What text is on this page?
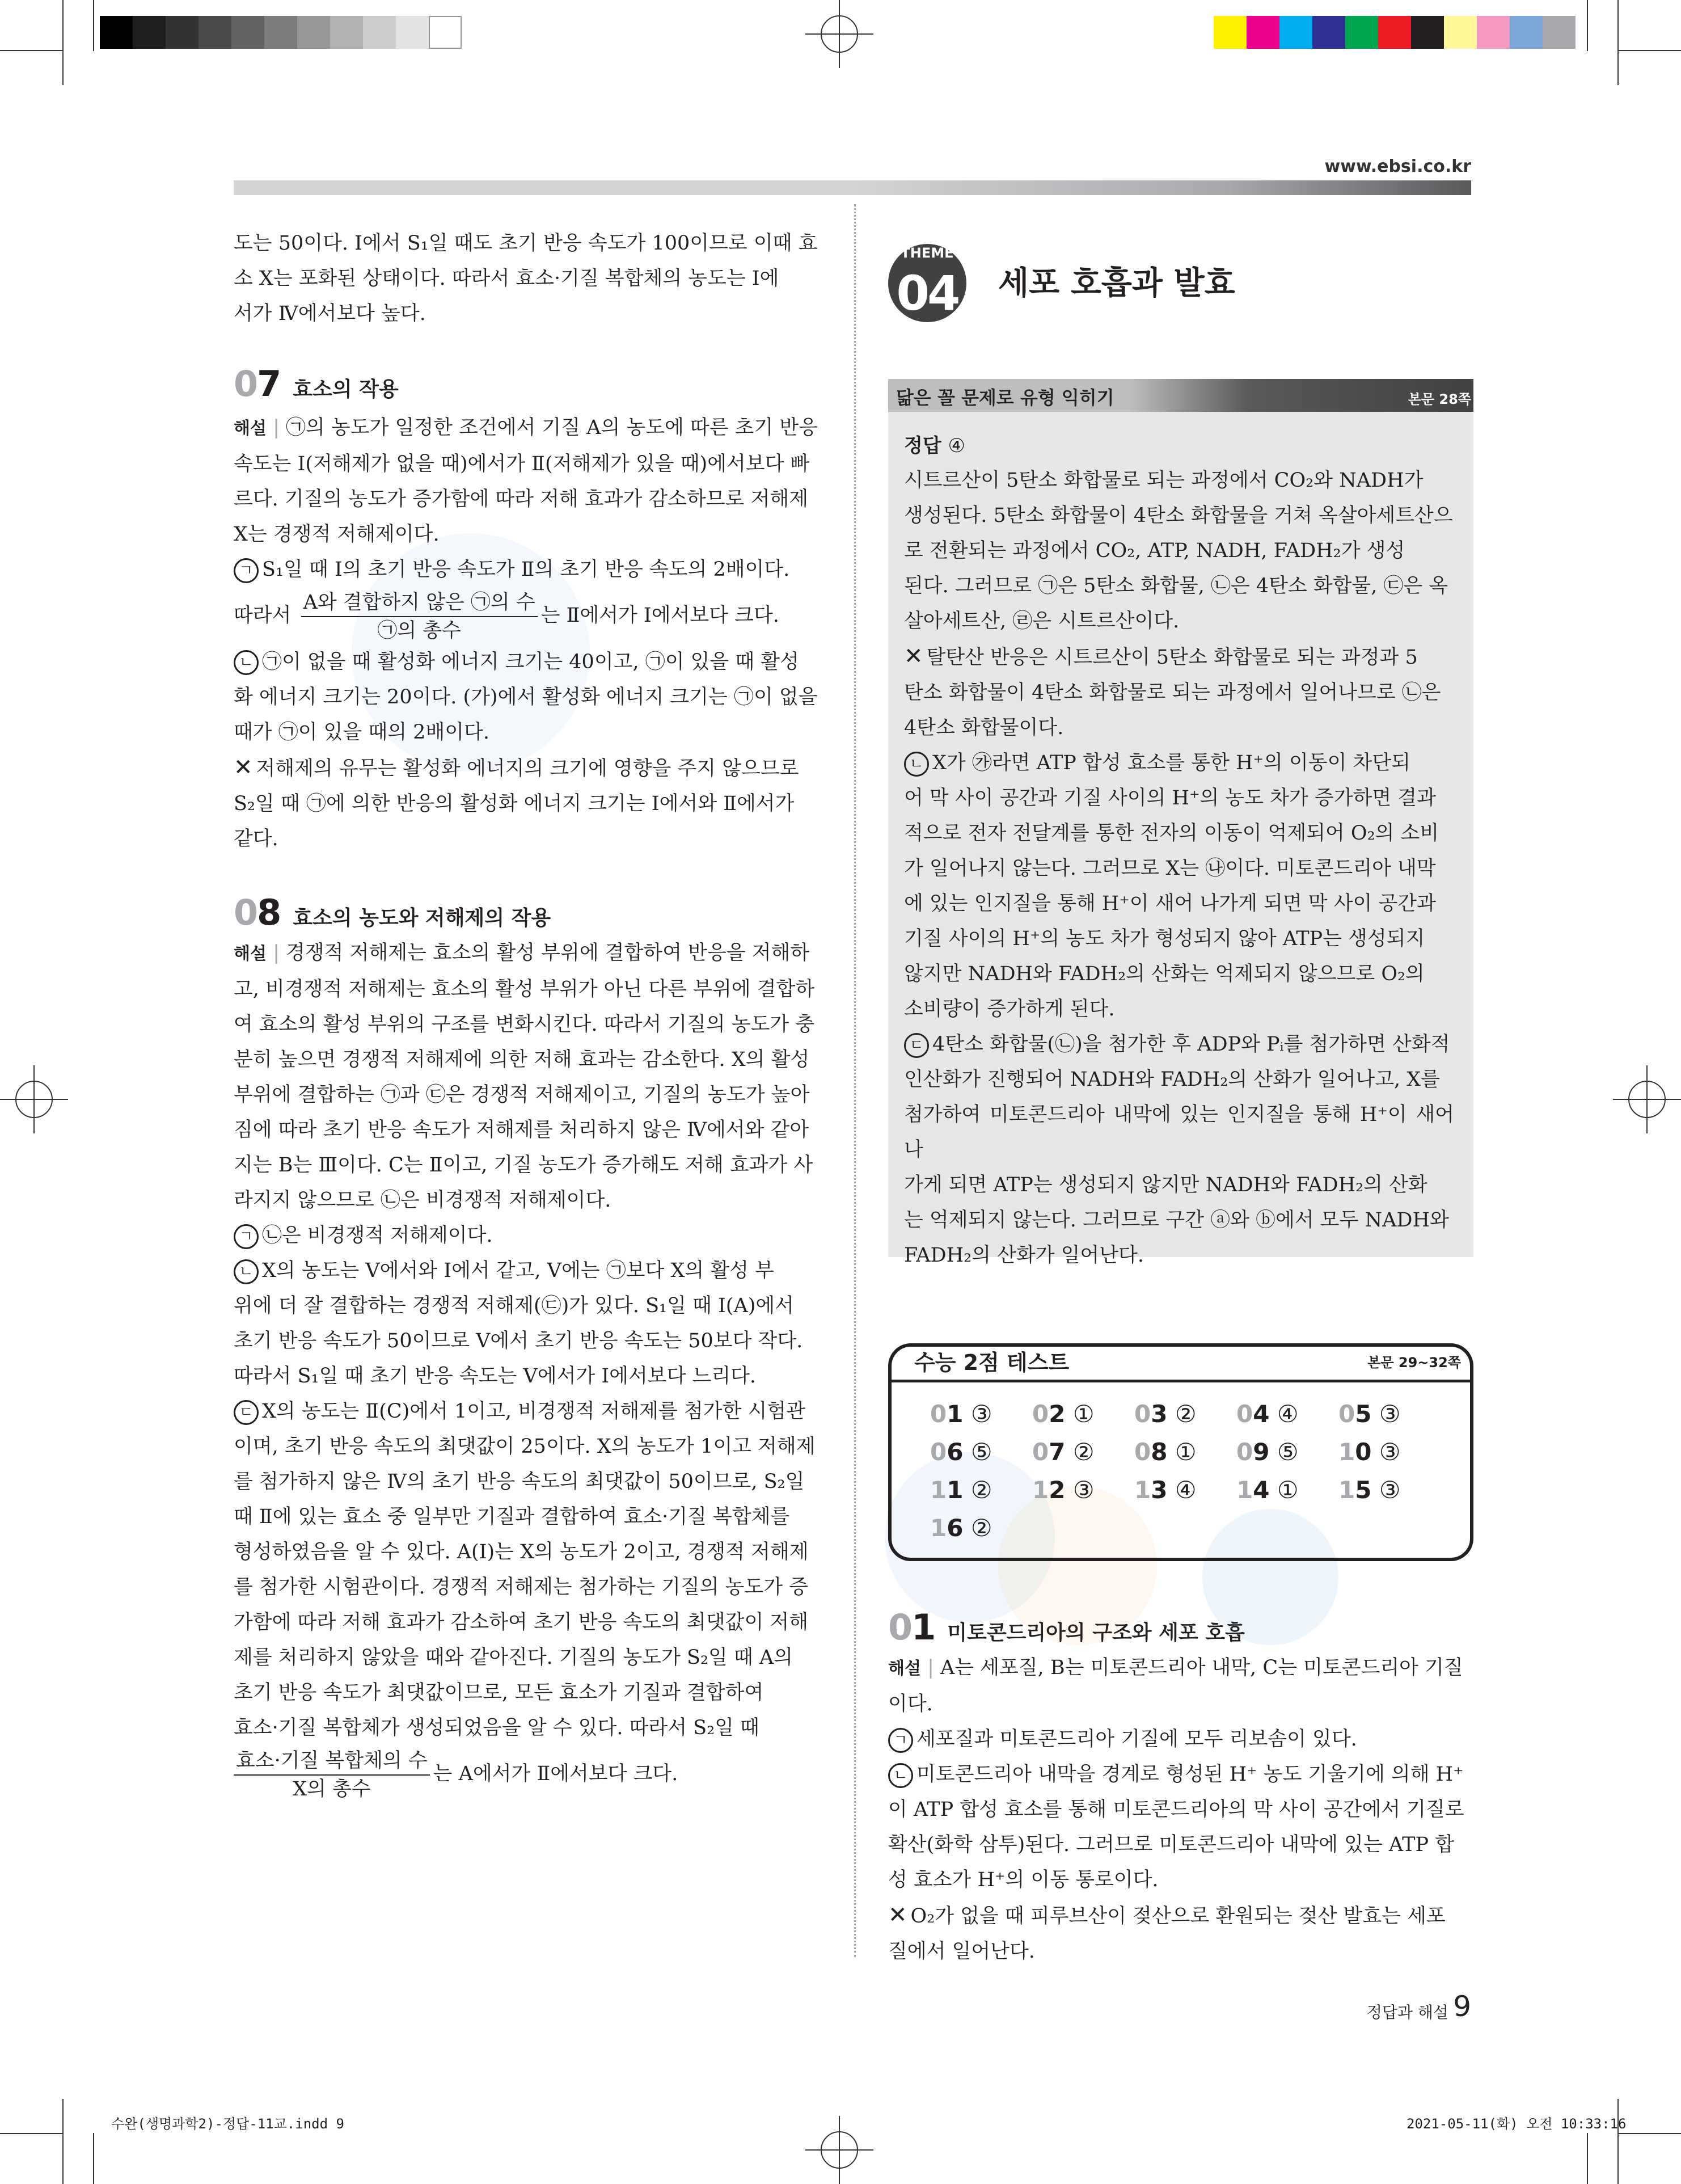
www.ebsi.co.kr

도는 50이다. Ⅰ에서 S₁일 때도 초기 반응 속도가 100이므로 이때 효

소 X는 포화된 상태이다. 따라서 효소·기질 복합체의 농도는 Ⅰ에

서가 Ⅳ에서보다 높다.

07 효소의 작용

해설 | ㉠의 농도가 일정한 조건에서 기질 A의 농도에 따른 초기 반응

속도는 Ⅰ(저해제가 없을 때)에서가 Ⅱ(저해제가 있을 때)에서보다 빠

르다. 기질의 농도가 증가함에 따라 저해 효과가 감소하므로 저해제

X는 경쟁적 저해제이다.

ㄱ S₁일 때 Ⅰ의 초기 반응 속도가 Ⅱ의 초기 반응 속도의 2배이다.

따라서 $\frac{\text{A와 결합하지 않은 ㉠의 수}}{\text{㉠의 총수}}$ 는 Ⅱ에서가 Ⅰ에서보다 크다.

ㄴ ㉠이 없을 때 활성화 에너지 크기는 40이고, ㉠이 있을 때 활성

화 에너지 크기는 20이다. (가)에서 활성화 에너지 크기는 ㉠이 없을

때가 ㉠이 있을 때의 2배이다.

✕ 저해제의 유무는 활성화 에너지의 크기에 영향을 주지 않으므로

S₂일 때 ㉠에 의한 반응의 활성화 에너지 크기는 Ⅰ에서와 Ⅱ에서가

같다.

08 효소의 농도와 저해제의 작용

해설 | 경쟁적 저해제는 효소의 활성 부위에 결합하여 반응을 저해하

고, 비경쟁적 저해제는 효소의 활성 부위가 아닌 다른 부위에 결합하

여 효소의 활성 부위의 구조를 변화시킨다. 따라서 기질의 농도가 충

분히 높으면 경쟁적 저해제에 의한 저해 효과는 감소한다. X의 활성

부위에 결합하는 ㉠과 ㉢은 경쟁적 저해제이고, 기질의 농도가 높아

짐에 따라 초기 반응 속도가 저해제를 처리하지 않은 Ⅳ에서와 같아

지는 B는 Ⅲ이다. C는 Ⅱ이고, 기질 농도가 증가해도 저해 효과가 사

라지지 않으므로 ㉡은 비경쟁적 저해제이다.

ㄱ ㉡은 비경쟁적 저해제이다.

ㄴ X의 농도는 Ⅴ에서와 Ⅰ에서 같고, Ⅴ에는 ㉠보다 X의 활성 부

위에 더 잘 결합하는 경쟁적 저해제(㉢)가 있다. S₁일 때 Ⅰ(A)에서

초기 반응 속도가 50이므로 Ⅴ에서 초기 반응 속도는 50보다 작다.

따라서 S₁일 때 초기 반응 속도는 Ⅴ에서가 Ⅰ에서보다 느리다.

ㄷ X의 농도는 Ⅱ(C)에서 1이고, 비경쟁적 저해제를 첨가한 시험관

이며, 초기 반응 속도의 최댓값이 25이다. X의 농도가 1이고 저해제

를 첨가하지 않은 Ⅳ의 초기 반응 속도의 최댓값이 50이므로, S₂일

때 Ⅱ에 있는 효소 중 일부만 기질과 결합하여 효소·기질 복합체를

형성하였음을 알 수 있다. A(Ⅰ)는 X의 농도가 2이고, 경쟁적 저해제

를 첨가한 시험관이다. 경쟁적 저해제는 첨가하는 기질의 농도가 증

가함에 따라 저해 효과가 감소하여 초기 반응 속도의 최댓값이 저해

제를 처리하지 않았을 때와 같아진다. 기질의 농도가 S₂일 때 A의

초기 반응 속도가 최댓값이므로, 모든 효소가 기질과 결합하여

효소·기질 복합체가 생성되었음을 알 수 있다. 따라서 S₂일 때

$\frac{\text{효소·기질 복합체의 수}}{\text{X의 총수}}$ 는 A에서가 Ⅱ에서보다 크다.

THEME
04 세포 호흡과 발효
닮은 꼴 문제로 유형 익히기	본문 28쪽
정답 ④

시트르산이 5탄소 화합물로 되는 과정에서 CO₂와 NADH가

생성된다. 5탄소 화합물이 4탄소 화합물을 거쳐 옥살아세트산으

로 전환되는 과정에서 CO₂, ATP, NADH, FADH₂가 생성

된다. 그러므로 ㉠은 5탄소 화합물, ㉡은 4탄소 화합물, ㉢은 옥

살아세트산, ㉣은 시트르산이다.

✕ 탈탄산 반응은 시트르산이 5탄소 화합물로 되는 과정과 5

탄소 화합물이 4탄소 화합물로 되는 과정에서 일어나므로 ㉡은

4탄소 화합물이다.

ㄴ X가 ㉮라면 ATP 합성 효소를 통한 H⁺의 이동이 차단되

어 막 사이 공간과 기질 사이의 H⁺의 농도 차가 증가하면 결과

적으로 전자 전달계를 통한 전자의 이동이 억제되어 O₂의 소비

가 일어나지 않는다. 그러므로 X는 ㉯이다. 미토콘드리아 내막

에 있는 인지질을 통해 H⁺이 새어 나가게 되면 막 사이 공간과

기질 사이의 H⁺의 농도 차가 형성되지 않아 ATP는 생성되지

않지만 NADH와 FADH₂의 산화는 억제되지 않으므로 O₂의

소비량이 증가하게 된다.

ㄷ 4탄소 화합물(㉡)을 첨가한 후 ADP와 Pᵢ를 첨가하면 산화적

인산화가 진행되어 NADH와 FADH₂의 산화가 일어나고, X를

첨가하여 미토콘드리아 내막에 있는 인지질을 통해 H⁺이 새어 나

가게 되면 ATP는 생성되지 않지만 NADH와 FADH₂의 산화

는 억제되지 않는다. 그러므로 구간 ⓐ와 ⓑ에서 모두 NADH와

FADH₂의 산화가 일어난다.

수능 2점 테스트	본문 29~32쪽
01 ③	02 ①	03 ②	04 ④	05 ③
06 ⑤	07 ②	08 ①	09 ⑤	10 ③
11 ②	12 ③	13 ④	14 ①	15 ③
16 ②
01 미토콘드리아의 구조와 세포 호흡

해설 | A는 세포질, B는 미토콘드리아 내막, C는 미토콘드리아 기질

이다.

ㄱ 세포질과 미토콘드리아 기질에 모두 리보솜이 있다.

ㄴ 미토콘드리아 내막을 경계로 형성된 H⁺ 농도 기울기에 의해 H⁺

이 ATP 합성 효소를 통해 미토콘드리아의 막 사이 공간에서 기질로

확산(화학 삼투)된다. 그러므로 미토콘드리아 내막에 있는 ATP 합

성 효소가 H⁺의 이동 통로이다.

✕ O₂가 없을 때 피루브산이 젖산으로 환원되는 젖산 발효는 세포

질에서 일어난다.

정답과 해설 9
수완(생명과학2)-정답-11교.indd 9	2021-05-11(화) 오전 10:33:16
